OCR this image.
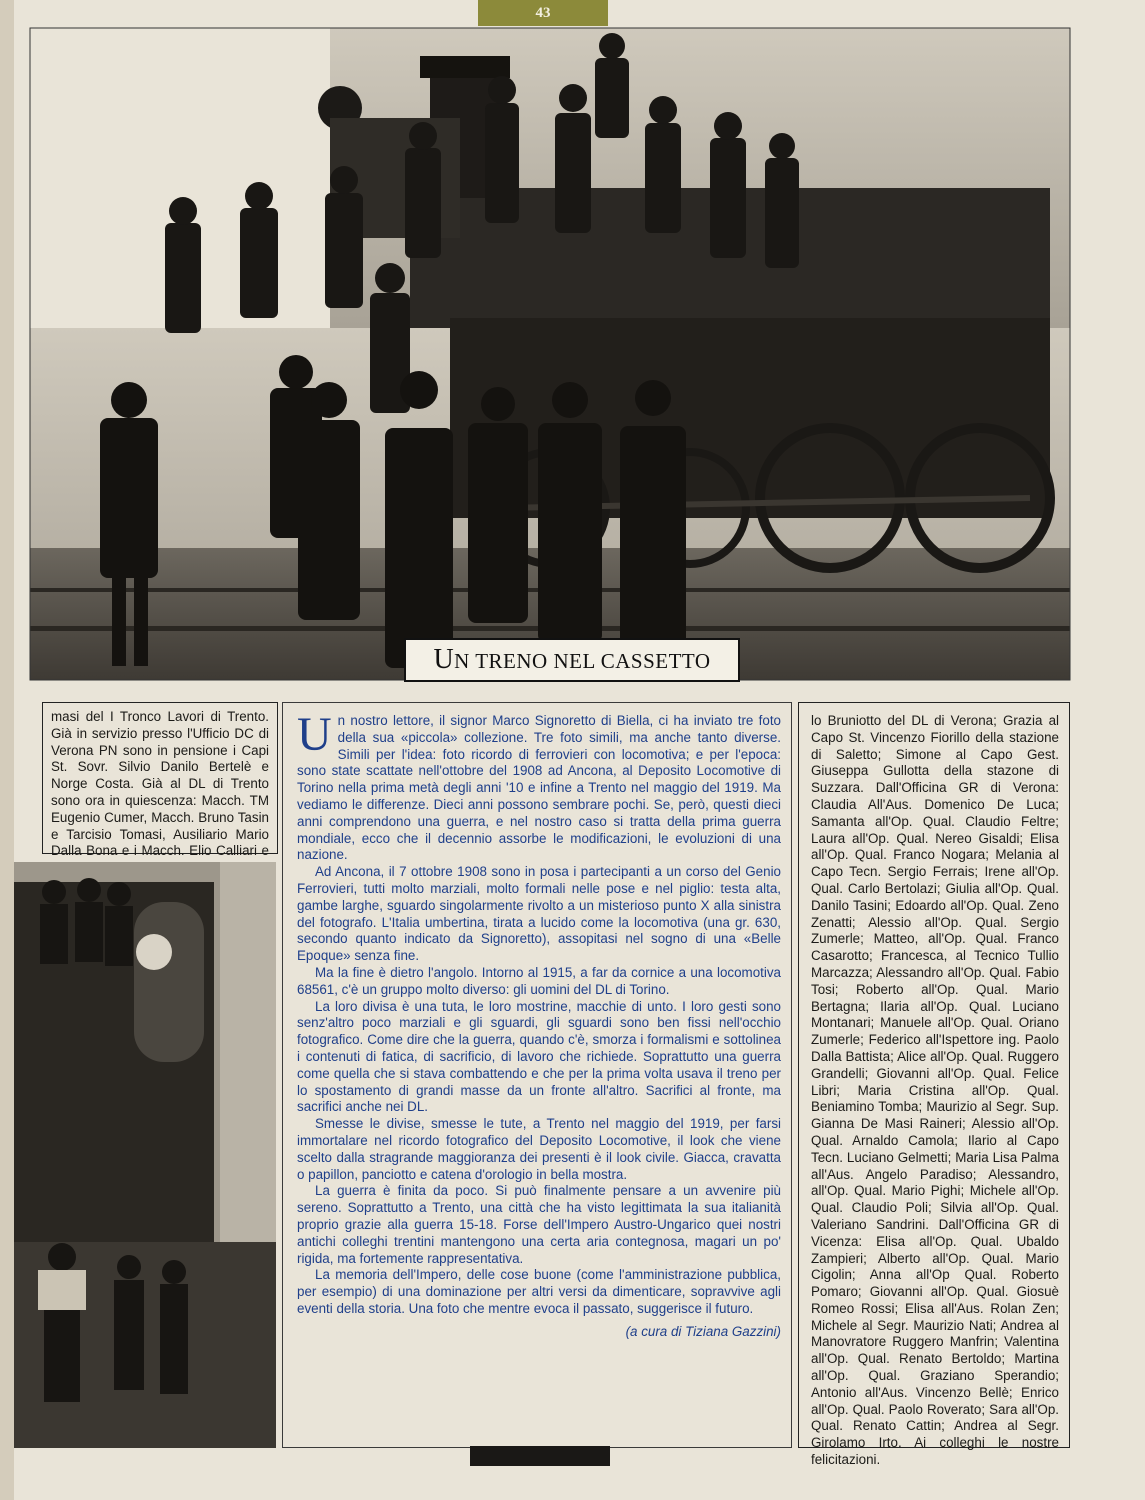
43
UN TRENO NEL CASSETTO
masi del I Tronco Lavori di Trento. Già in servizio presso l'Ufficio DC di Verona PN sono in pensione i Capi St. Sovr. Silvio Danilo Bertelè e Norge Costa. Già al DL di Trento sono ora in quiescenza: Macch. TM Eugenio Cumer, Macch. Bruno Tasin e Tarcisio Tomasi, Ausiliario Mario Dalla Bona e i Macch. Elio Calliari e

Un nostro lettore, il signor Marco Signoretto di Biella, ci ha inviato tre foto della sua «piccola» collezione. Tre foto simili, ma anche tanto diverse. Simili per l'idea: foto ricordo di ferrovieri con locomotiva; e per l'epoca: sono state scattate nell'ottobre del 1908 ad Ancona, al Deposito Locomotive di Torino nella prima metà degli anni '10 e infine a Trento nel maggio del 1919. Ma vediamo le differenze. Dieci anni possono sembrare pochi. Se, però, questi dieci anni comprendono una guerra, e nel nostro caso si tratta della prima guerra mondiale, ecco che il decennio assorbe le modificazioni, le evoluzioni di una nazione.

Ad Ancona, il 7 ottobre 1908 sono in posa i partecipanti a un corso del Genio Ferrovieri, tutti molto marziali, molto formali nelle pose e nel piglio: testa alta, gambe larghe, sguardo singolarmente rivolto a un misterioso punto X alla sinistra del fotografo. L'Italia umbertina, tirata a lucido come la locomotiva (una gr. 630, secondo quanto indicato da Signoretto), assopitasi nel sogno di una «Belle Epoque» senza fine.

Ma la fine è dietro l'angolo. Intorno al 1915, a far da cornice a una locomotiva 68561, c'è un gruppo molto diverso: gli uomini del DL di Torino.

La loro divisa è una tuta, le loro mostrine, macchie di unto. I loro gesti sono senz'altro poco marziali e gli sguardi, gli sguardi sono ben fissi nell'occhio fotografico. Come dire che la guerra, quando c'è, smorza i formalismi e sottolinea i contenuti di fatica, di sacrificio, di lavoro che richiede. Soprattutto una guerra come quella che si stava combattendo e che per la prima volta usava il treno per lo spostamento di grandi masse da un fronte all'altro. Sacrifici al fronte, ma sacrifici anche nei DL.

Smesse le divise, smesse le tute, a Trento nel maggio del 1919, per farsi immortalare nel ricordo fotografico del Deposito Locomotive, il look che viene scelto dalla stragrande maggioranza dei presenti è il look civile. Giacca, cravatta o papillon, panciotto e catena d'orologio in bella mostra.

La guerra è finita da poco. Si può finalmente pensare a un avvenire più sereno. Soprattutto a Trento, una città che ha visto legittimata la sua italianità proprio grazie alla guerra 15-18. Forse dell'Impero Austro-Ungarico quei nostri antichi colleghi trentini mantengono una certa aria contegnosa, magari un po' rigida, ma fortemente rappresentativa.

La memoria dell'Impero, delle cose buone (come l'amministrazione pubblica, per esempio) di una dominazione per altri versi da dimenticare, sopravvive agli eventi della storia. Una foto che mentre evoca il passato, suggerisce il futuro.

(a cura di Tiziana Gazzini)
lo Bruniotto del DL di Verona; Grazia al Capo St. Vincenzo Fiorillo della stazione di Saletto; Simone al Capo Gest. Giuseppa Gullotta della stazone di Suzzara. Dall'Officina GR di Verona: Claudia All'Aus. Domenico De Luca; Samanta all'Op. Qual. Claudio Feltre; Laura all'Op. Qual. Nereo Gisaldi; Elisa all'Op. Qual. Franco Nogara; Melania al Capo Tecn. Sergio Ferrais; Irene all'Op. Qual. Carlo Bertolazi; Giulia all'Op. Qual. Danilo Tasini; Edoardo all'Op. Qual. Zeno Zenatti; Alessio all'Op. Qual. Sergio Zumerle; Matteo, all'Op. Qual. Franco Casarotto; Francesca, al Tecnico Tullio Marcazza; Alessandro all'Op. Qual. Fabio Tosi; Roberto all'Op. Qual. Mario Bertagna; Ilaria all'Op. Qual. Luciano Montanari; Manuele all'Op. Qual. Oriano Zumerle; Federico all'Ispettore ing. Paolo Dalla Battista; Alice all'Op. Qual. Ruggero Grandelli; Giovanni all'Op. Qual. Felice Libri; Maria Cristina all'Op. Qual. Beniamino Tomba; Maurizio al Segr. Sup. Gianna De Masi Raineri; Alessio all'Op. Qual. Arnaldo Camola; Ilario al Capo Tecn. Luciano Gelmetti; Maria Lisa Palma all'Aus. Angelo Paradiso; Alessandro, all'Op. Qual. Mario Pighi; Michele all'Op. Qual. Claudio Poli; Silvia all'Op. Qual. Valeriano Sandrini. Dall'Officina GR di Vicenza: Elisa all'Op. Qual. Ubaldo Zampieri; Alberto all'Op. Qual. Mario Cigolin; Anna all'Op Qual. Roberto Pomaro; Giovanni all'Op. Qual. Giosuè Romeo Rossi; Elisa all'Aus. Rolan Zen; Michele al Segr. Maurizio Nati; Andrea al Manovratore Ruggero Manfrin; Valentina all'Op. Qual. Renato Bertoldo; Martina all'Op. Qual. Graziano Sperandio; Antonio all'Aus. Vincenzo Bellè; Enrico all'Op. Qual. Paolo Roverato; Sara all'Op. Qual. Renato Cattin; Andrea al Segr. Girolamo Irto. Ai colleghi le nostre felicitazioni.
